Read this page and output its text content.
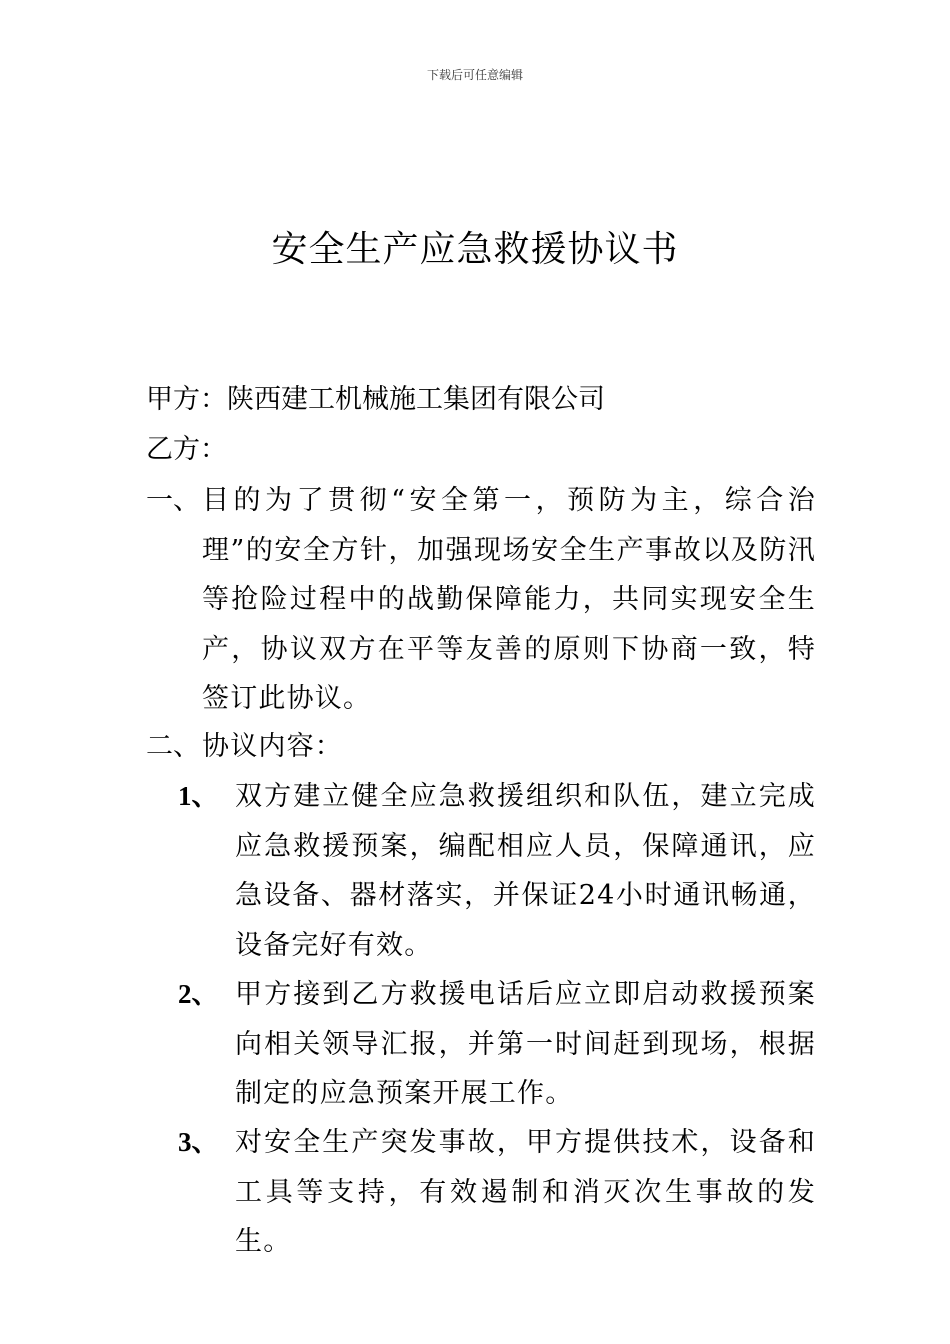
下载后可任意编辑
安全生产应急救援协议书
甲方：陕西建工机械施工集团有限公司
乙方：
一、 目的为了贯彻“安全第一，预防为主，综合治理”的安全方针，加强现场安全生产事故以及防汛等抢险过程中的战勤保障能力，共同实现安全生产，协议双方在平等友善的原则下协商一致，特签订此协议。
二、 协议内容：
1、 双方建立健全应急救援组织和队伍，建立完成应急救援预案，编配相应人员，保障通讯，应急设备、器材落实，并保证24小时通讯畅通，设备完好有效。
2、 甲方接到乙方救援电话后应立即启动救援预案向相关领导汇报，并第一时间赶到现场，根据制定的应急预案开展工作。
3、 对安全生产突发事故，甲方提供技术，设备和工具等支持，有效遏制和消灭次生事故的发生。
